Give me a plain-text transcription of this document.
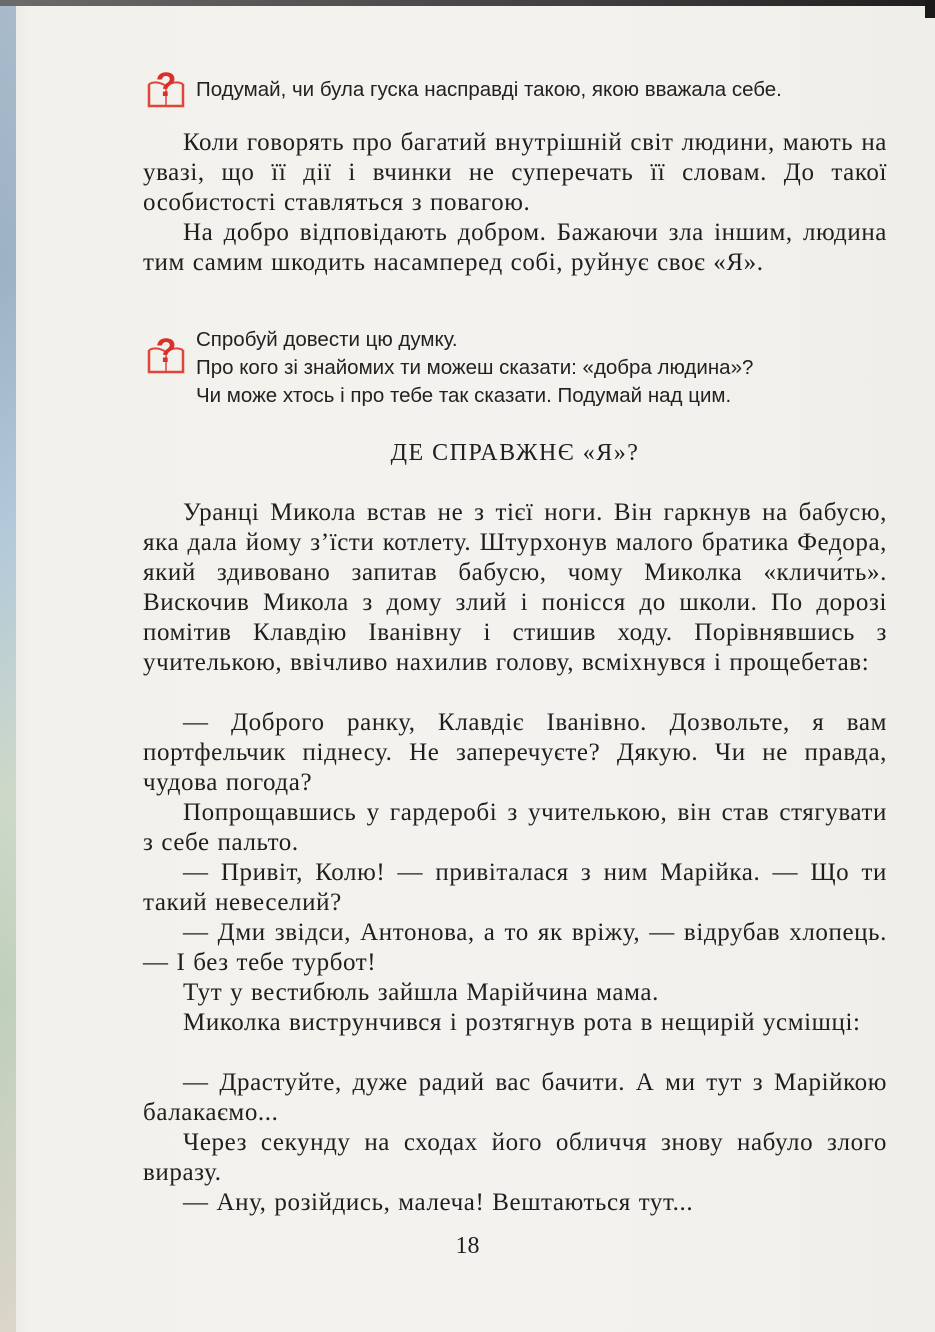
? Подумай, чи була гуска насправді такою, якою вважала себе.
Коли говорять про багатий внутрішній світ людини, мають на увазі, що її дії і вчинки не суперечать її словам. До такої особистості ставляться з повагою.
На добро відповідають добром. Бажаючи зла іншим, людина тим самим шкодить насамперед собі, руйнує своє «Я».
? Спробуй довести цю думку.
Про кого зі знайомих ти можеш сказати: «добра людина»?
Чи може хтось і про тебе так сказати. Подумай над цим.
ДЕ СПРАВЖНЄ «Я»?
Уранці Микола встав не з тієї ноги. Він гаркнув на бабусю, яка дала йому з’їсти котлету. Штурхонув малого братика Федора, який здивовано запитав бабусю, чому Миколка «кличи́ть». Вискочив Микола з дому злий і понісся до школи. По дорозі помітив Клавдію Іванівну і стишив ходу. Порівнявшись з учителькою, ввічливо нахилив голову, всміхнувся і прощебетав:
— Доброго ранку, Клавдіє Іванівно. Дозвольте, я вам портфельчик піднесу. Не заперечуєте? Дякую. Чи не правда, чудова погода?
Попрощавшись у гардеробі з учителькою, він став стягувати з себе пальто.
— Привіт, Колю! — привіталася з ним Марійка. — Що ти такий невеселий?
— Дми звідси, Антонова, а то як вріжу, — відрубав хлопець. — І без тебе турбот!
Тут у вестибюль зайшла Марійчина мама.
Миколка виструнчився і розтягнув рота в нещирій усмішці:
— Драстуйте, дуже радий вас бачити. А ми тут з Марійкою балакаємо...
Через секунду на сходах його обличчя знову набуло злого виразу.
— Ану, розійдись, малеча! Вештаються тут...
18
